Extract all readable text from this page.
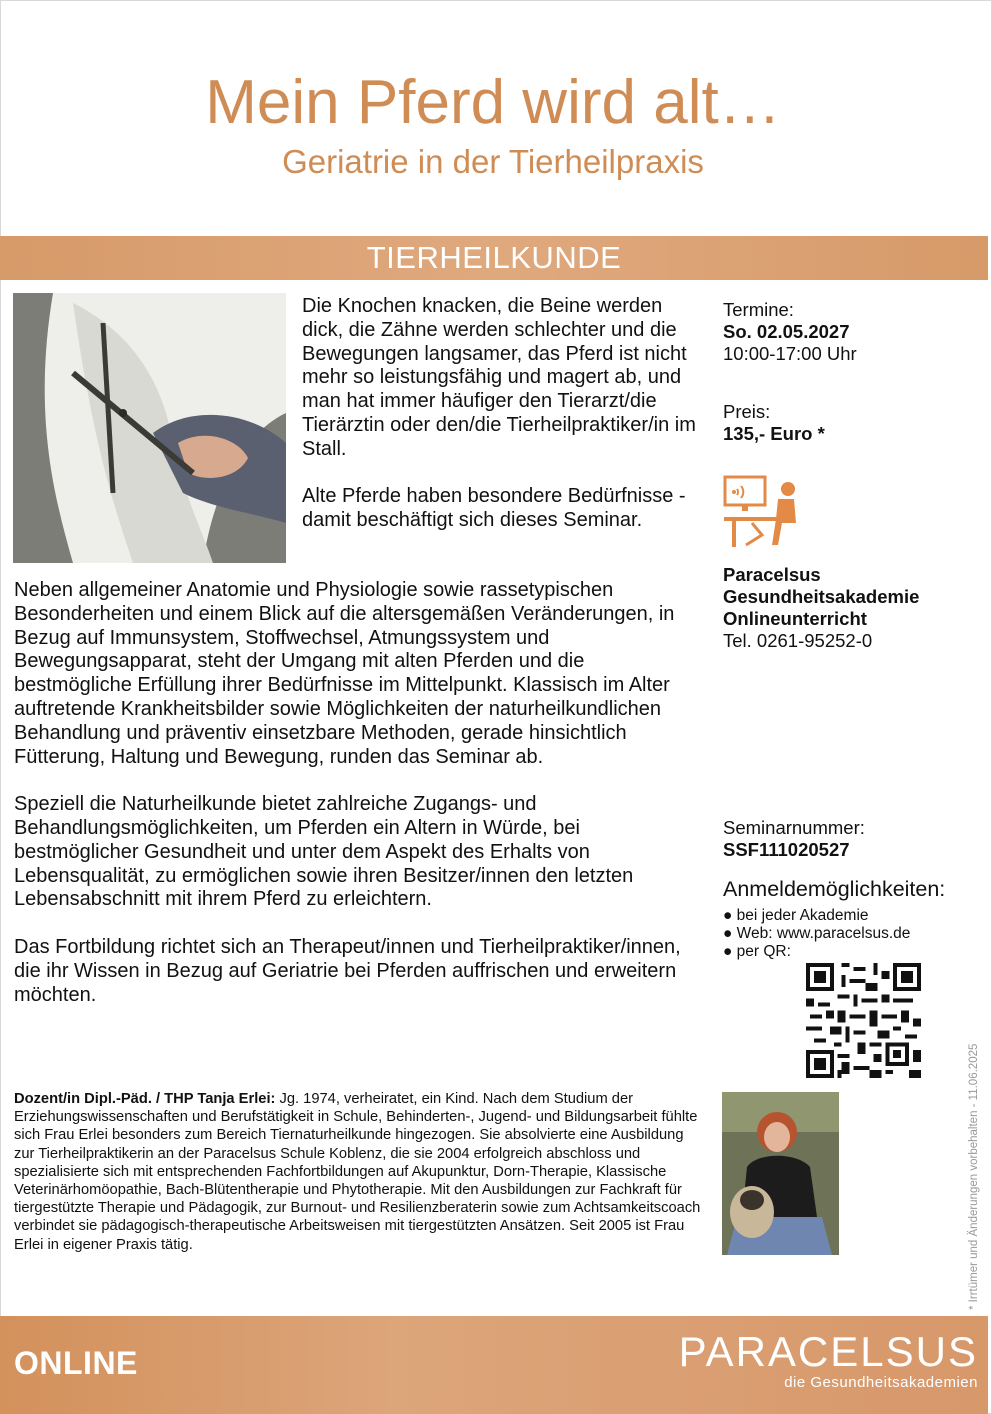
Mein Pferd wird alt…
Geriatrie in der Tierheilpraxis
TIERHEILKUNDE

Die Knochen knacken, die Beine werden dick, die Zähne werden schlechter und die Bewegungen langsamer, das Pferd ist nicht mehr so leistungsfähig und magert ab, und man hat immer häufiger den Tierarzt/die Tierärztin oder den/die Tierheilpraktiker/in im Stall.

Alte Pferde haben besondere Bedürfnisse - damit beschäftigt sich dieses Seminar.

Neben allgemeiner Anatomie und Physiologie sowie rassetypischen Besonderheiten und einem Blick auf die altersgemäßen Veränderungen, in Bezug auf Immunsystem, Stoffwechsel, Atmungssystem und Bewegungsapparat, steht der Umgang mit alten Pferden und die bestmögliche Erfüllung ihrer Bedürfnisse im Mittelpunkt. Klassisch im Alter auftretende Krankheitsbilder sowie Möglichkeiten der naturheilkundlichen Behandlung und präventiv einsetzbare Methoden, gerade hinsichtlich Fütterung, Haltung und Bewegung, runden das Seminar ab.

Speziell die Naturheilkunde bietet zahlreiche Zugangs- und Behandlungsmöglichkeiten, um Pferden ein Altern in Würde, bei bestmöglicher Gesundheit und unter dem Aspekt des Erhalts von Lebensqualität, zu ermöglichen sowie ihren Besitzer/innen den letzten Lebensabschnitt mit ihrem Pferd zu erleichtern.

Das Fortbildung richtet sich an Therapeut/innen und Tierheilpraktiker/innen, die ihr Wissen in Bezug auf Geriatrie bei Pferden auffrischen und erweitern möchten.

Termine:
So. 02.05.2027
10:00-17:00 Uhr
Preis:
135,- Euro *
Paracelsus
Gesundheitsakademie
Onlineunterricht
Tel. 0261-95252-0
Seminarnummer:
SSF111020527
Anmeldemöglichkeiten:
● bei jeder Akademie
● Web: www.paracelsus.de
● per QR:
* Irrtümer und Änderungen vorbehalten - 11.06.2025
Dozent/in Dipl.-Päd. / THP Tanja Erlei: Jg. 1974, verheiratet, ein Kind. Nach dem Studium der Erziehungswissenschaften und Berufstätigkeit in Schule, Behinderten-, Jugend- und Bildungsarbeit fühlte sich Frau Erlei besonders zum Bereich Tiernaturheilkunde hingezogen. Sie absolvierte eine Ausbildung zur Tierheilpraktikerin an der Paracelsus Schule Koblenz, die sie 2004 erfolgreich abschloss und spezialisierte sich mit entsprechenden Fachfortbildungen auf Akupunktur, Dorn-Therapie, Klassische Veterinärhomöopathie, Bach-Blütentherapie und Phytotherapie. Mit den Ausbildungen zur Fachkraft für tiergestützte Therapie und Pädagogik, zur Burnout- und Resilienzberaterin sowie zum Achtsamkeitscoach verbindet sie pädagogisch-therapeutische Arbeitsweisen mit tiergestützten Ansätzen. Seit 2005 ist Frau Erlei in eigener Praxis tätig.
ONLINE	PARACELSUS
die Gesundheitsakademien
